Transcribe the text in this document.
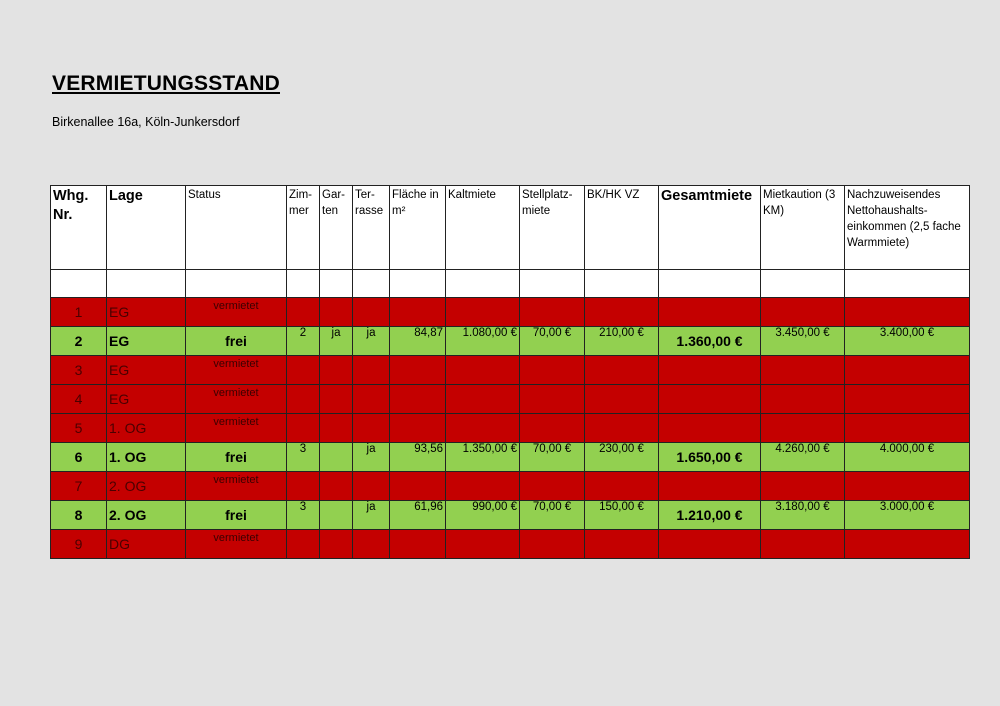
VERMIETUNGSSTAND
Birkenallee 16a, Köln-Junkersdorf
Whg. Nr.	Lage	Status	Zim-mer	Gar-ten	Ter-rasse	Fläche in m²	Kaltmiete	Stellplatz-miete	BK/HK VZ	Gesamtmiete	Mietkaution (3 KM)	Nachzuweisendes Nettohaushalts-einkommen (2,5 fache Warmmiete)

1	EG	vermietet										
2	EG	frei	2	ja	ja	84,87	1.080,00 €	70,00 €	210,00 €	1.360,00 €	3.450,00 €	3.400,00 €
3	EG	vermietet										
4	EG	vermietet										
5	1. OG	vermietet										
6	1. OG	frei	3		ja	93,56	1.350,00 €	70,00 €	230,00 €	1.650,00 €	4.260,00 €	4.000,00 €
7	2. OG	vermietet										
8	2. OG	frei	3		ja	61,96	990,00 €	70,00 €	150,00 €	1.210,00 €	3.180,00 €	3.000,00 €
9	DG	vermietet										
